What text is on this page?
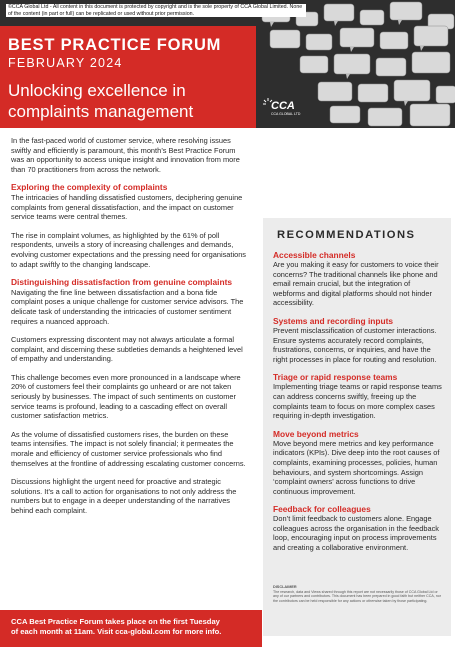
©CCA Global Ltd - All content in this document is protected by copyright and is the sole property of CCA Global Limited. None of the content (in part or full) can be replicated or used without prior permission.
BEST PRACTICE FORUM
FEBRUARY 2024
Unlocking excellence in
complaints management	CCA
CCA GLOBAL LTD

In the fast-paced world of customer service, where resolving issues swiftly and efficiently is paramount, this month’s Best Practice Forum was an opportunity to access unique insight and innovation from more than 70 practitioners from across the network.

Exploring the complexity of complaints

The intricacies of handling dissatisfied customers, deciphering genuine complaints from general dissatisfaction, and the impact on customer service teams were central themes.

The rise in complaint volumes, as highlighted by the 61% of poll respondents, unveils a story of increasing challenges and demands, evolving customer expectations and the pressing need for organisations to adapt swiftly to the changing landscape.

Distinguishing dissatisfaction from genuine complaints

Navigating the fine line between dissatisfaction and a bona fide complaint poses a unique challenge for customer service advisors. The delicate task of understanding the intricacies of customer sentiment requires a nuanced approach.

Customers expressing discontent may not always articulate a formal complaint, and discerning these subtleties demands a heightened level of empathy and understanding.

This challenge becomes even more pronounced in a landscape where 20% of customers feel their complaints go unheard or are not taken seriously by businesses. The impact of such sentiments on customer service teams is profound, leading to a cascading effect on overall customer satisfaction metrics.

As the volume of dissatisfied customers rises, the burden on these teams intensifies. The impact is not solely financial; it permeates the morale and efficiency of customer service professionals who find themselves at the frontline of addressing escalating customer concerns.

Discussions highlight the urgent need for proactive and strategic solutions. It’s a call to action for organisations to not only address the numbers but to engage in a deeper understanding of the narratives behind each complaint.

RECOMMENDATIONS
Accessible channels

Are you making it easy for customers to voice their concerns? The traditional channels like phone and email remain crucial, but the integration of webforms and digital platforms should not hinder accessibility.

Systems and recording inputs

Prevent misclassification of customer interactions. Ensure systems accurately record complaints, frustrations, concerns, or inquiries, and have the right processes in place for routing and resolution.

Triage or rapid response teams

Implementing triage teams or rapid response teams can address concerns swiftly, freeing up the complaints team to focus on more complex cases requiring in-depth investigation.

Move beyond metrics

Move beyond mere metrics and key performance indicators (KPIs). Dive deep into the root causes of complaints, examining processes, policies, human behaviours, and system shortcomings. Assign ‘complaint owners’ across functions to drive continuous improvement.

Feedback for colleagues

Don’t limit feedback to customers alone. Engage colleagues across the organisation in the feedback loop, encouraging input on process improvements and creating a collaborative environment.

DISCLAIMER
The research, data and Views shared through this report are not necessarily those of CCA Global Ltd or any of our partners and contributors. This document has been prepared in good faith but neither CCA, nor the contributors can be held responsible for any actions or otherwise taken by those participating.
CCA Best Practice Forum takes place on the first Tuesday
of each month at 11am. Visit cca-global.com for more info.
